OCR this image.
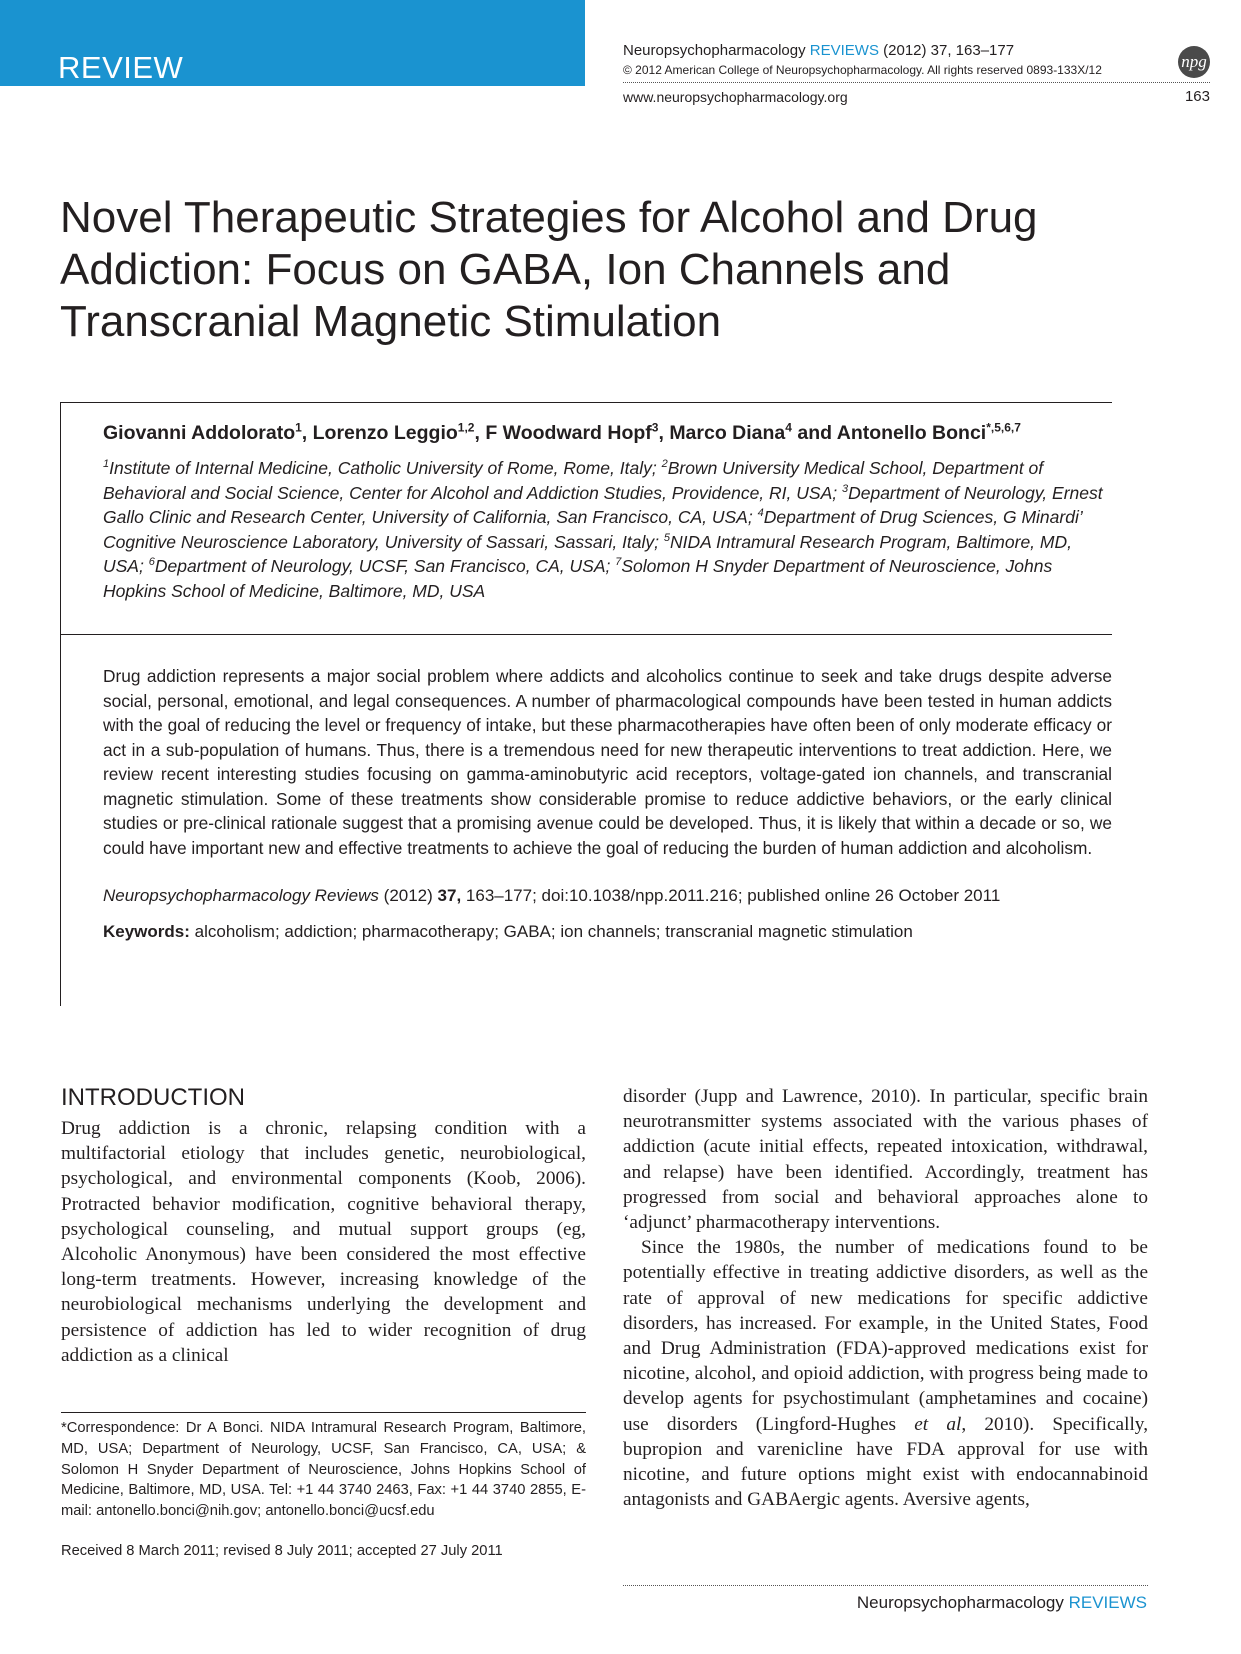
REVIEW	Neuropsychopharmacology REVIEWS (2012) 37, 163–177
© 2012 American College of Neuropsychopharmacology. All rights reserved 0893-133X/12
www.neuropsychopharmacology.org	163
npg
Novel Therapeutic Strategies for Alcohol and Drug
Addiction: Focus on GABA, Ion Channels and
Transcranial Magnetic Stimulation
Giovanni Addolorato$^1$, Lorenzo Leggio$^{1,2}$, F Woodward Hopf$^3$, Marco Diana$^4$ and Antonello Bonci$^{*,5,6,7}$
$^1$Institute of Internal Medicine, Catholic University of Rome, Rome, Italy; $^2$Brown University Medical School, Department of Behavioral and Social Science, Center for Alcohol and Addiction Studies, Providence, RI, USA; $^3$Department of Neurology, Ernest Gallo Clinic and Research Center, University of California, San Francisco, CA, USA; $^4$Department of Drug Sciences, G Minardi’ Cognitive Neuroscience Laboratory, University of Sassari, Sassari, Italy; $^5$NIDA Intramural Research Program, Baltimore, MD, USA; $^6$Department of Neurology, UCSF, San Francisco, CA, USA; $^7$Solomon H Snyder Department of Neuroscience, Johns Hopkins School of Medicine, Baltimore, MD, USA
Drug addiction represents a major social problem where addicts and alcoholics continue to seek and take drugs despite adverse social, personal, emotional, and legal consequences. A number of pharmacological compounds have been tested in human addicts with the goal of reducing the level or frequency of intake, but these pharmacotherapies have often been of only moderate efficacy or act in a sub-population of humans. Thus, there is a tremendous need for new therapeutic interventions to treat addiction. Here, we review recent interesting studies focusing on gamma-aminobutyric acid receptors, voltage-gated ion channels, and transcranial magnetic stimulation. Some of these treatments show considerable promise to reduce addictive behaviors, or the early clinical studies or pre-clinical rationale suggest that a promising avenue could be developed. Thus, it is likely that within a decade or so, we could have important new and effective treatments to achieve the goal of reducing the burden of human addiction and alcoholism.
Neuropsychopharmacology Reviews (2012) 37, 163–177; doi:10.1038/npp.2011.216; published online 26 October 2011
Keywords: alcoholism; addiction; pharmacotherapy; GABA; ion channels; transcranial magnetic stimulation
INTRODUCTION

Drug addiction is a chronic, relapsing condition with a multifactorial etiology that includes genetic, neurobiological, psychological, and environmental components (Koob, 2006). Protracted behavior modification, cognitive behavioral therapy, psychological counseling, and mutual support groups (eg, Alcoholic Anonymous) have been considered the most effective long-term treatments. However, increasing knowledge of the neurobiological mechanisms underlying the development and persistence of addiction has led to wider recognition of drug addiction as a clinical

disorder (Jupp and Lawrence, 2010). In particular, specific brain neurotransmitter systems associated with the various phases of addiction (acute initial effects, repeated intoxication, withdrawal, and relapse) have been identified. Accordingly, treatment has progressed from social and behavioral approaches alone to ‘adjunct’ pharmacotherapy interventions.

Since the 1980s, the number of medications found to be potentially effective in treating addictive disorders, as well as the rate of approval of new medications for specific addictive disorders, has increased. For example, in the United States, Food and Drug Administration (FDA)-approved medications exist for nicotine, alcohol, and opioid addiction, with progress being made to develop agents for psychostimulant (amphetamines and cocaine) use disorders (Lingford-Hughes et al, 2010). Specifically, bupropion and varenicline have FDA approval for use with nicotine, and future options might exist with endocannabinoid antagonists and GABAergic agents. Aversive agents,

*Correspondence: Dr A Bonci. NIDA Intramural Research Program, Baltimore, MD, USA; Department of Neurology, UCSF, San Francisco, CA, USA; & Solomon H Snyder Department of Neuroscience, Johns Hopkins School of Medicine, Baltimore, MD, USA. Tel: +1 44 3740 2463, Fax: +1 44 3740 2855, E-mail: antonello.bonci@nih.gov; antonello.bonci@ucsf.edu
Received 8 March 2011; revised 8 July 2011; accepted 27 July 2011
Neuropsychopharmacology REVIEWS
